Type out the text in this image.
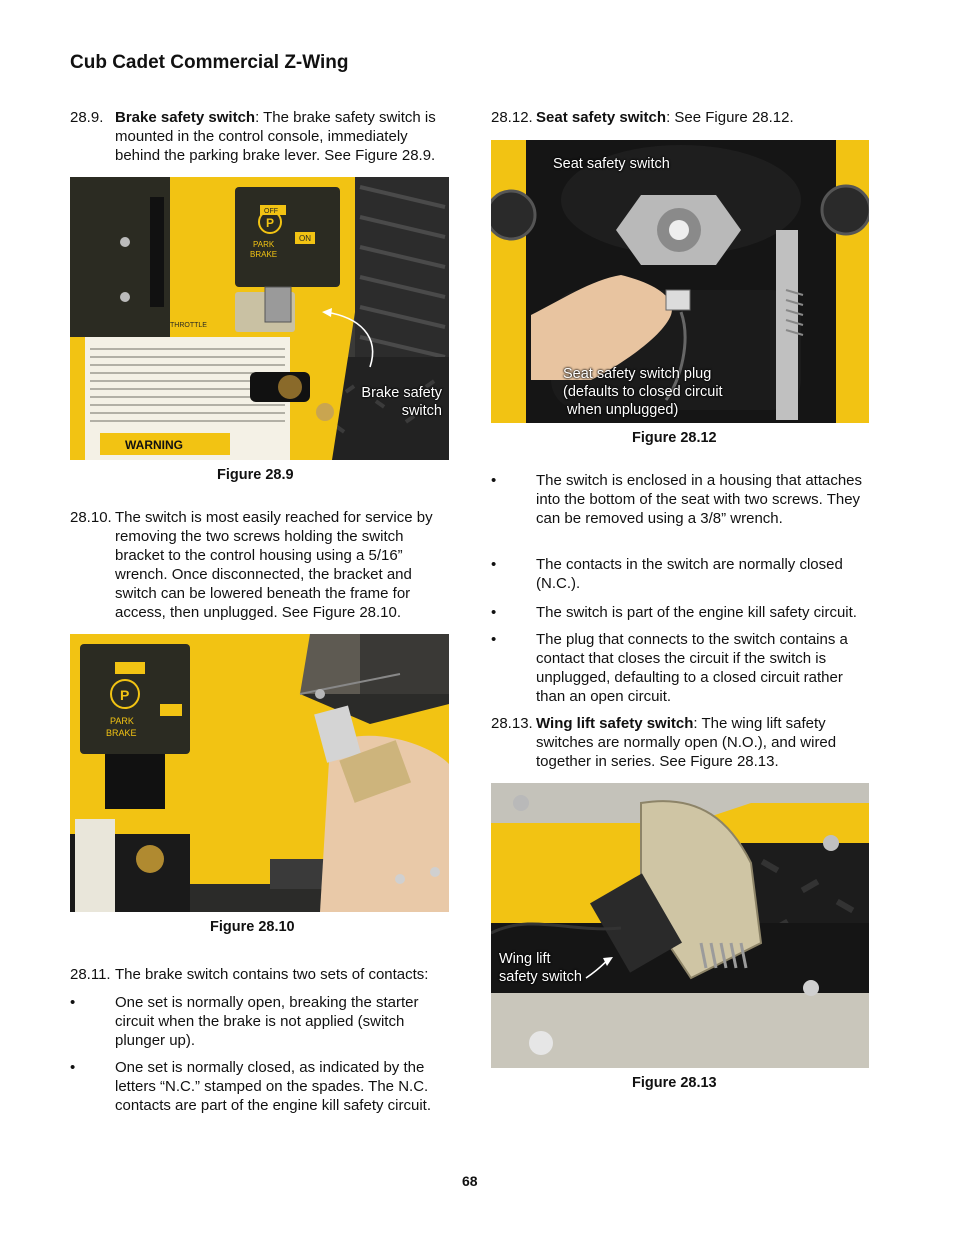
Cub Cadet Commercial Z-Wing
28.9. Brake safety switch: The brake safety switch is mounted in the control console, immediately behind the parking brake lever. See Figure 28.9.
P
PARK
BRAKE
ON
OFF
THROTTLE
WARNING
Brake safety
switch
Figure 28.9
28.10. The switch is most easily reached for service by removing the two screws holding the switch bracket to the control housing using a 5/16” wrench. Once disconnected, the bracket and switch can be lowered beneath the frame for access, then unplugged. See Figure 28.10.
P
PARK
BRAKE
Figure 28.10
28.11. The brake switch contains two sets of contacts:
•	One set is normally open, breaking the starter circuit when the brake is not applied (switch plunger up).
•	One set is normally closed, as indicated by the letters “N.C.” stamped on the spades. The N.C. contacts are part of the engine kill safety circuit.
28.12. Seat safety switch: See Figure 28.12.
Seat safety switch
Seat safety switch plug
(defaults to closed circuit
when unplugged)
Figure 28.12
•	The switch is enclosed in a housing that attaches into the bottom of the seat with two screws. They can be removed using a 3/8” wrench.
•	The contacts in the switch are normally closed (N.C.).
•	The switch is part of the engine kill safety circuit.
•	The plug that connects to the switch contains a contact that closes the circuit if the switch is unplugged, defaulting to a closed circuit rather than an open circuit.
28.13. Wing lift safety switch: The wing lift safety switches are normally open (N.O.), and wired together in series. See Figure 28.13.
Wing lift
safety switch
Figure 28.13
68
